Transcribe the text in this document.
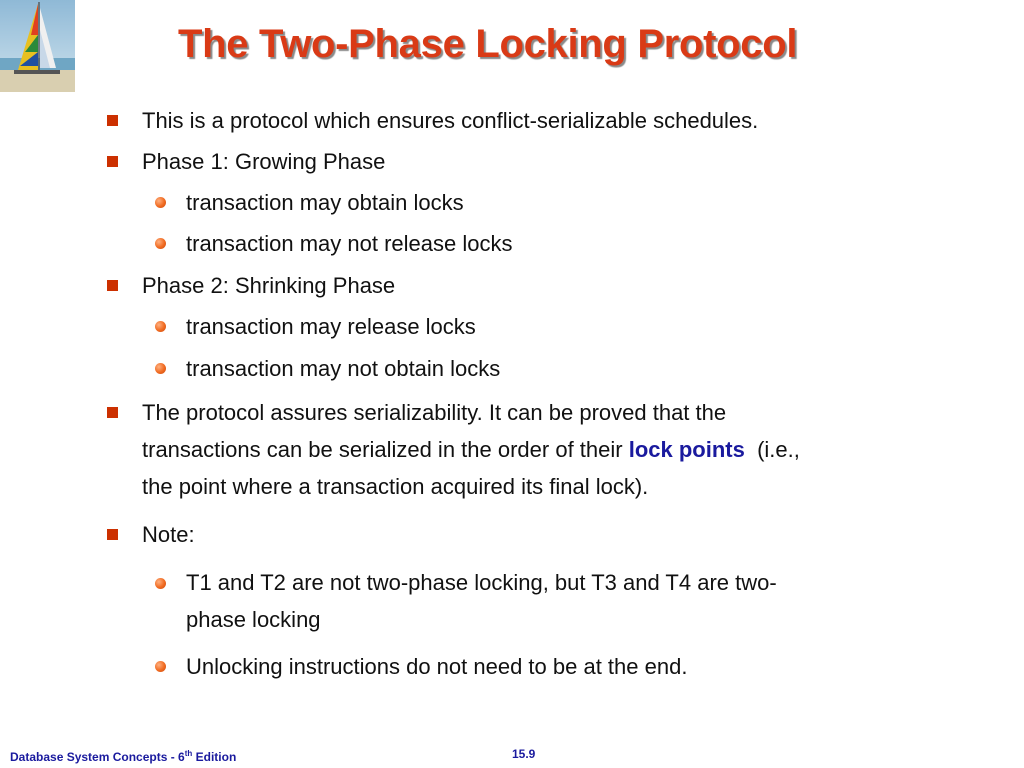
The Two-Phase Locking Protocol
This is a protocol which ensures conflict-serializable schedules.
Phase 1: Growing Phase
transaction may obtain locks
transaction may not release locks
Phase 2: Shrinking Phase
transaction may release locks
transaction may not obtain locks
The protocol assures serializability. It can be proved that the
transactions can be serialized in the order of their lock points  (i.e.,
the point where a transaction acquired its final lock).
Note:
T1 and T2 are not two-phase locking, but T3 and T4 are two-
phase locking
Unlocking instructions do not need to be at the end.
Database System Concepts - 6th Edition	15.9
